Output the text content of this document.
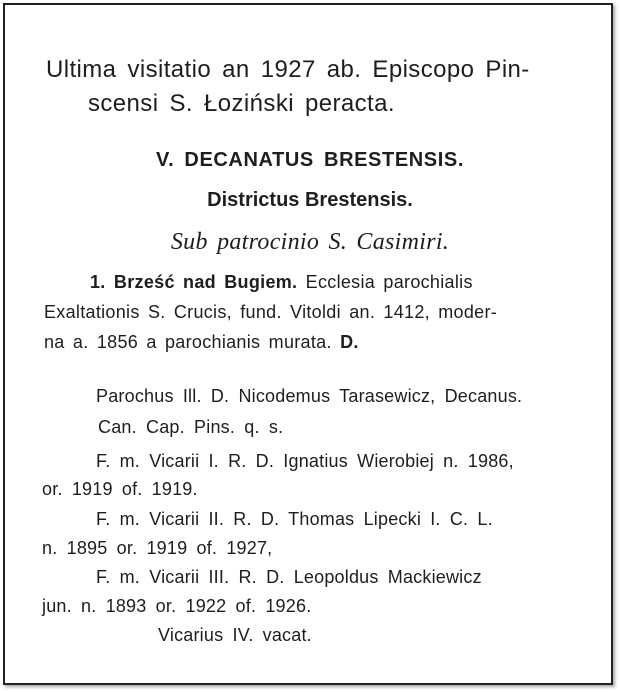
Ultima visitatio an 1927 ab. Episcopo Pin-
scensi S. Łoziński peracta.
V. DECANATUS BRESTENSIS.
Districtus Brestensis.
Sub patrocinio S. Casimiri.
1. Brześć nad Bugiem. Ecclesia parochialis
Exaltationis S. Crucis, fund. Vitoldi an. 1412, moder-
na a. 1856 a parochianis murata. D.
Parochus Ill. D. Nicodemus Tarasewicz, Decanus.
Can. Cap. Pins. q. s.
F. m. Vicarii I. R. D. Ignatius Wierobiej n. 1986,
or. 1919 of. 1919.
F. m. Vicarii II. R. D. Thomas Lipecki I. C. L.
n. 1895 or. 1919 of. 1927,
F. m. Vicarii III. R. D. Leopoldus Mackiewicz
jun. n. 1893 or. 1922 of. 1926.
Vicarius IV. vacat.
